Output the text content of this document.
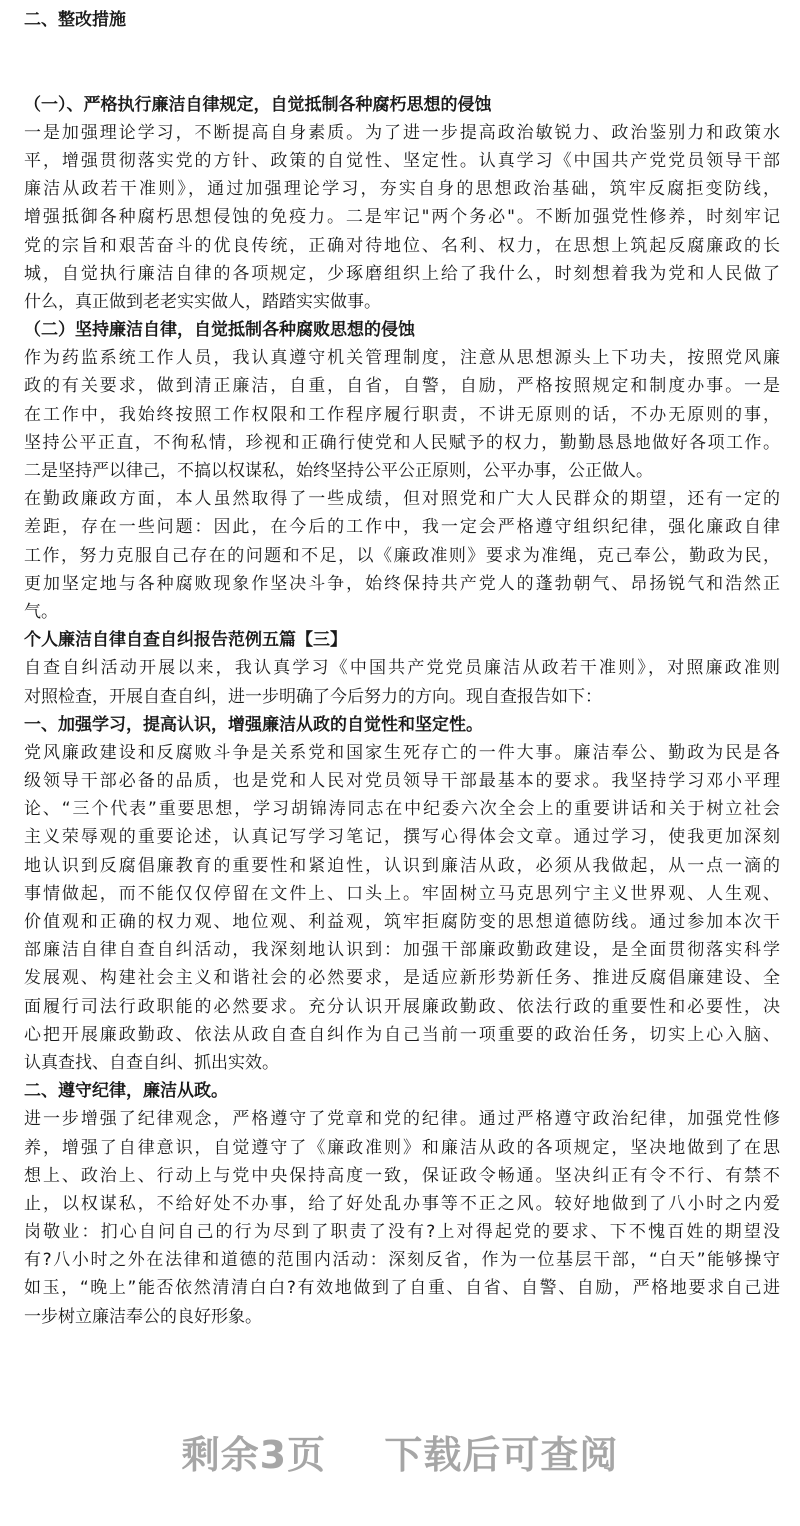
二、整改措施
（一）、严格执行廉洁自律规定，自觉抵制各种腐朽思想的侵蚀
一是加强理论学习，不断提高自身素质。为了进一步提高政治敏锐力、政治鉴别力和政策水
平，增强贯彻落实党的方针、政策的自觉性、坚定性。认真学习《中国共产党党员领导干部
廉洁从政若干准则》，通过加强理论学习，夯实自身的思想政治基础，筑牢反腐拒变防线，
增强抵御各种腐朽思想侵蚀的免疫力。二是牢记"两个务必"。不断加强党性修养，时刻牢记
党的宗旨和艰苦奋斗的优良传统，正确对待地位、名利、权力，在思想上筑起反腐廉政的长
城，自觉执行廉洁自律的各项规定，少琢磨组织上给了我什么，时刻想着我为党和人民做了
什么，真正做到老老实实做人，踏踏实实做事。
（二）坚持廉洁自律，自觉抵制各种腐败思想的侵蚀
作为药监系统工作人员，我认真遵守机关管理制度，注意从思想源头上下功夫，按照党风廉
政的有关要求，做到清正廉洁，自重，自省，自警，自励，严格按照规定和制度办事。一是
在工作中，我始终按照工作权限和工作程序履行职责，不讲无原则的话，不办无原则的事，
坚持公平正直，不徇私情，珍视和正确行使党和人民赋予的权力，勤勤恳恳地做好各项工作。
二是坚持严以律己，不搞以权谋私，始终坚持公平公正原则，公平办事，公正做人。
在勤政廉政方面，本人虽然取得了一些成绩，但对照党和广大人民群众的期望，还有一定的
差距，存在一些问题：因此，在今后的工作中，我一定会严格遵守组织纪律，强化廉政自律
工作，努力克服自己存在的问题和不足，以《廉政准则》要求为准绳，克己奉公，勤政为民，
更加坚定地与各种腐败现象作坚决斗争，始终保持共产党人的蓬勃朝气、昂扬锐气和浩然正
气。
个人廉洁自律自查自纠报告范例五篇【三】
自查自纠活动开展以来，我认真学习《中国共产党党员廉洁从政若干准则》，对照廉政准则
对照检查，开展自查自纠，进一步明确了今后努力的方向。现自查报告如下：
一、加强学习，提高认识，增强廉洁从政的自觉性和坚定性。
党风廉政建设和反腐败斗争是关系党和国家生死存亡的一件大事。廉洁奉公、勤政为民是各
级领导干部必备的品质，也是党和人民对党员领导干部最基本的要求。我坚持学习邓小平理
论、“三个代表”重要思想，学习胡锦涛同志在中纪委六次全会上的重要讲话和关于树立社会
主义荣辱观的重要论述，认真记写学习笔记，撰写心得体会文章。通过学习，使我更加深刻
地认识到反腐倡廉教育的重要性和紧迫性，认识到廉洁从政，必须从我做起，从一点一滴的
事情做起，而不能仅仅停留在文件上、口头上。牢固树立马克思列宁主义世界观、人生观、
价值观和正确的权力观、地位观、利益观，筑牢拒腐防变的思想道德防线。通过参加本次干
部廉洁自律自查自纠活动，我深刻地认识到：加强干部廉政勤政建设，是全面贯彻落实科学
发展观、构建社会主义和谐社会的必然要求，是适应新形势新任务、推进反腐倡廉建设、全
面履行司法行政职能的必然要求。充分认识开展廉政勤政、依法行政的重要性和必要性，决
心把开展廉政勤政、依法从政自查自纠作为自己当前一项重要的政治任务，切实上心入脑、
认真查找、自查自纠、抓出实效。
二、遵守纪律，廉洁从政。
进一步增强了纪律观念，严格遵守了党章和党的纪律。通过严格遵守政治纪律，加强党性修
养，增强了自律意识，自觉遵守了《廉政准则》和廉洁从政的各项规定，坚决地做到了在思
想上、政治上、行动上与党中央保持高度一致，保证政令畅通。坚决纠正有令不行、有禁不
止，以权谋私，不给好处不办事，给了好处乱办事等不正之风。较好地做到了八小时之内爱
岗敬业：扪心自问自己的行为尽到了职责了没有?上对得起党的要求、下不愧百姓的期望没
有?八小时之外在法律和道德的范围内活动：深刻反省，作为一位基层干部，“白天”能够操守
如玉，“晚上”能否依然清清白白?有效地做到了自重、自省、自警、自励，严格地要求自己进
一步树立廉洁奉公的良好形象。
剩余3页 下载后可查阅
